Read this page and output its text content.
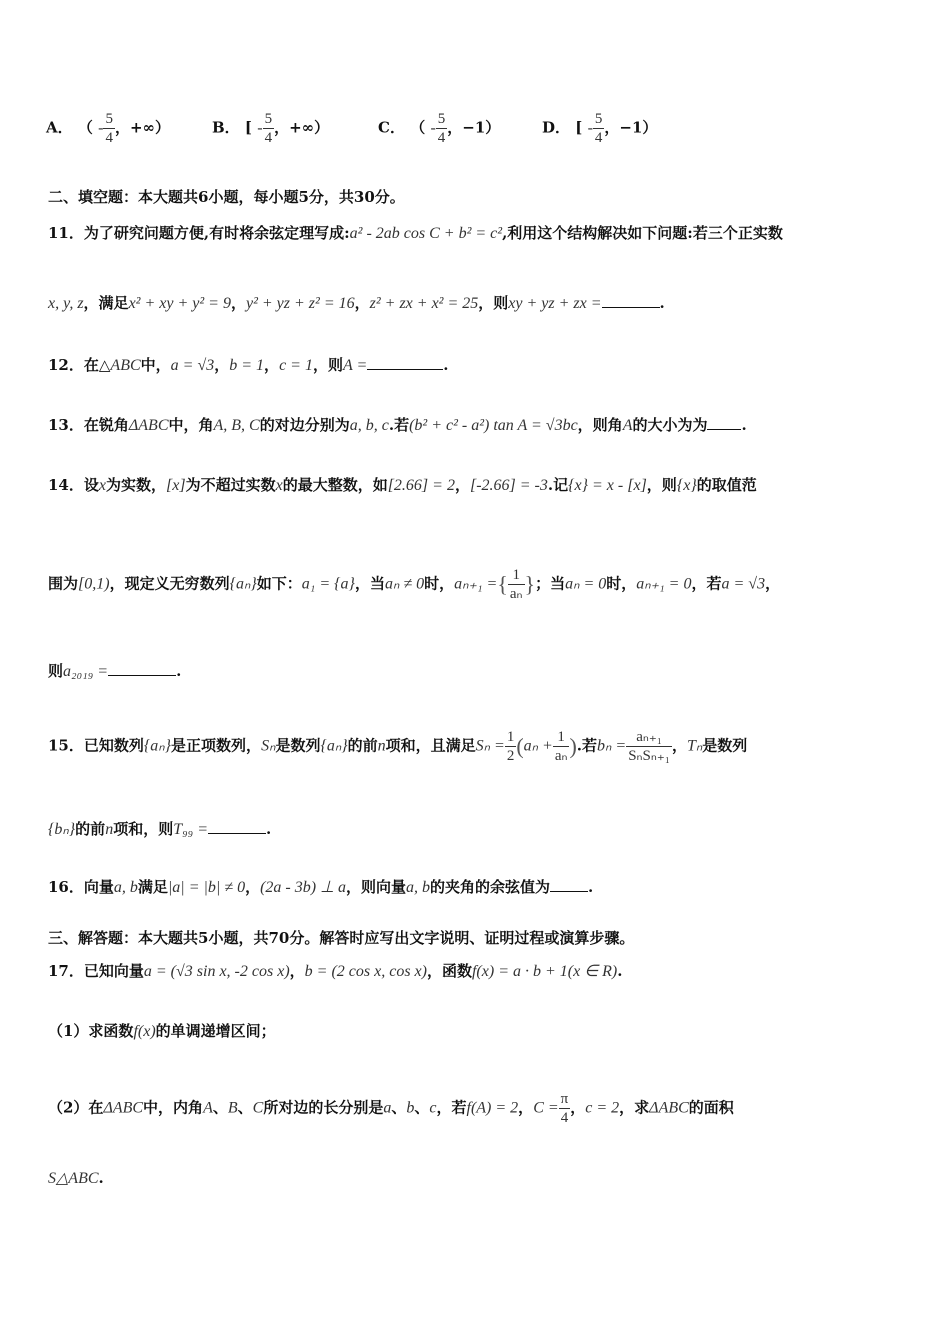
A． （ - $\frac{5}{4}$ ，+∞）	B． [ - $\frac{5}{4}$ ，+∞）	C． （ - $\frac{5}{4}$ ，−1）	D． [ - $\frac{5}{4}$ ，−1）
二、填空题：本大题共6小题，每小题5分，共30分。
11．为了研究问题方便,有时将余弦定理写成:a² - 2ab cos C + b² = c²,利用这个结构解决如下问题:若三个正实数
x, y, z，满足x² + xy + y² = 9，y² + yz + z² = 16，z² + zx + x² = 25，则xy + yz + zx =	.
12．在△ABC中，a = √3，b = 1，c = 1，则A =	.
13．在锐角ΔABC中，角A, B, C的对边分别为a, b, c.若(b² + c² - a²) tan A = √3bc，则角A的大小为为 .
14．设x为实数，[x]为不超过实数x的最大整数，如[2.66] = 2，[-2.66] = -3.记{x} = x - [x]，则{x}的取值范
围为[0,1)，现定义无穷数列{aₙ}如下：a₁ = {a}，当aₙ ≠ 0时，aₙ₊₁ ={ $\frac{1}{\text{aₙ}}$ }；当aₙ = 0时，aₙ₊₁ = 0，若a = √3，
则a₂₀₁₉ =	.
15．已知数列{aₙ}是正项数列，Sₙ是数列{aₙ}的前n项和，且满足$S_n = \frac{1}{2} (a_n + \frac{1}{\text{aₙ}}$ ).若$b_n = \frac{\text{aₙ₊₁}}{\text{SₙSₙ₊₁}}$ ，Tₙ是数列
{bₙ}的前n项和，则T₉₉ =	.
16．向量a, b满足|a| = |b| ≠ 0，(2a - 3b) ⊥ a，则向量a, b的夹角的余弦值为	.
三、解答题：本大题共5小题，共70分。解答时应写出文字说明、证明过程或演算步骤。
17．已知向量a = (√3 sin x, -2 cos x)，b = (2 cos x, cos x)，函数f(x) = a · b + 1(x ∈ R).
（1）求函数f(x)的单调递增区间；
（2）在ΔABC中，内角A、B、C所对边的长分别是a、b、c，若f(A) = 2，$C = \frac{\pi}{4}$ ，c = 2，求ΔABC的面积
S△ABC.
